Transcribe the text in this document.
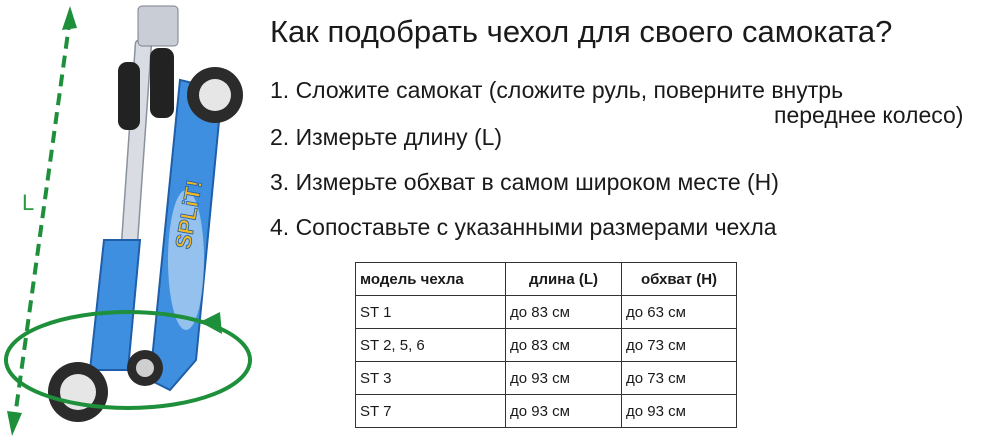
L	SPLiT!
Как подобрать чехол для своего самоката?
1. Сложите самокат (сложите руль, поверните внутрь
переднее колесо)
2. Измерьте длину (L)
3. Измерьте обхват в самом широком месте (H)
4. Сопоставьте с указанными размерами чехла
модель чехла	длина (L)	обхват (H)
ST 1	до 83 см	до 63 см
ST 2, 5, 6	до 83 см	до 73 см
ST 3	до 93 см	до 73 см
ST 7	до 93 см	до 93 см
